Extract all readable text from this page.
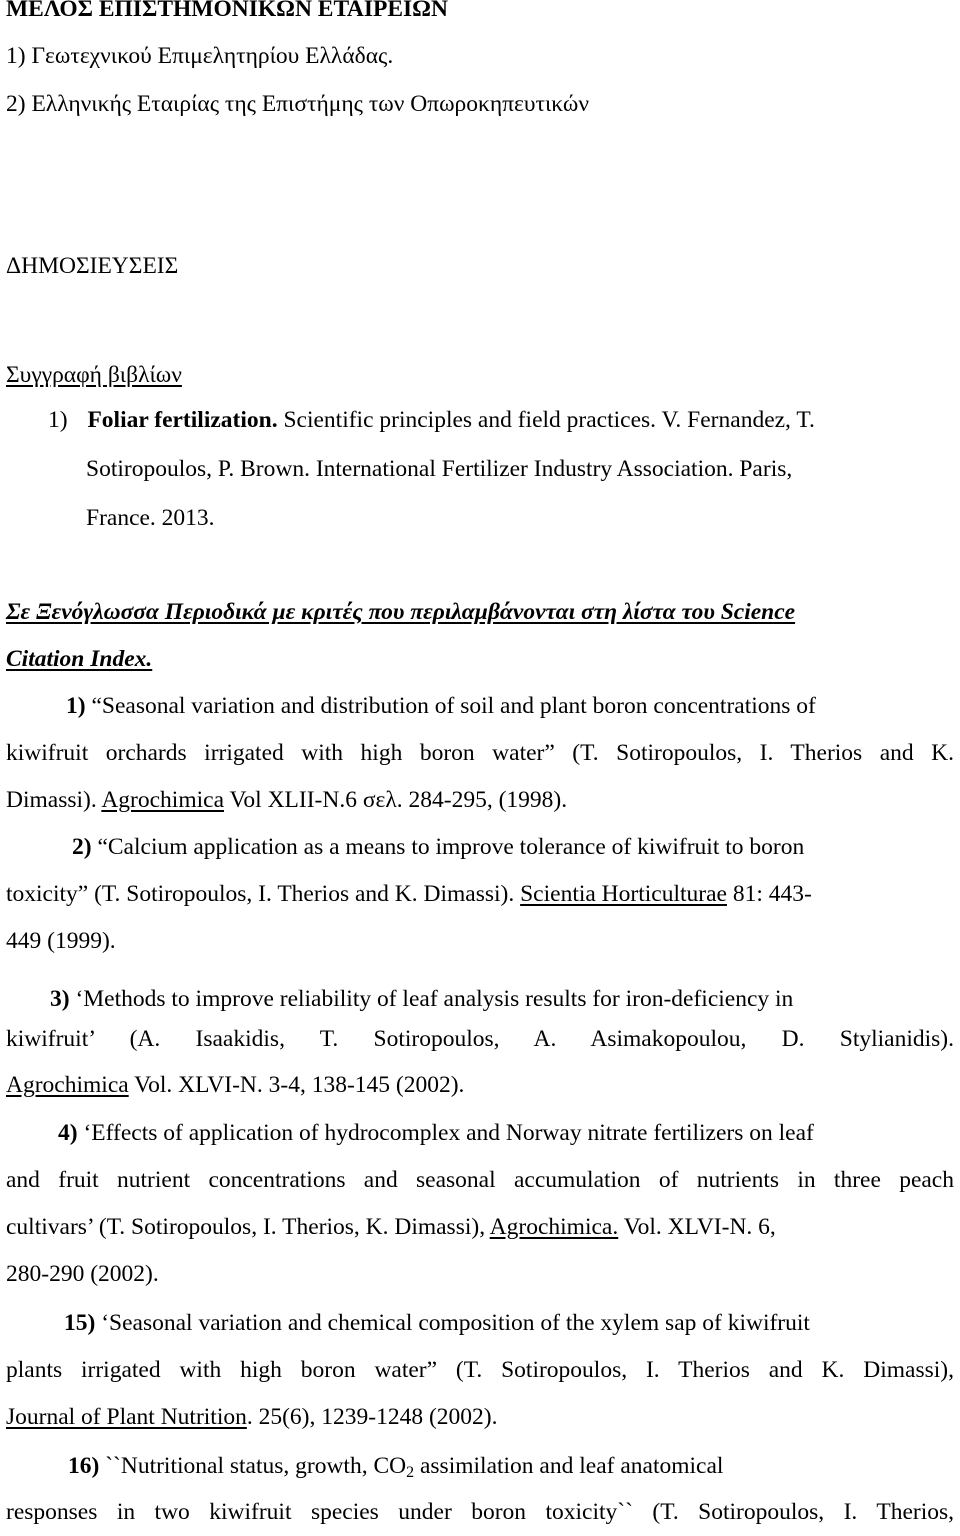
ΜΕΛΟΣ ΕΠΙΣΤΗΜΟΝΙΚΩΝ ΕΤΑΙΡΕΙΩΝ
1) Γεωτεχνικού Επιμελητηρίου Ελλάδας.
2) Ελληνικής Εταιρίας της Επιστήμης των Οπωροκηπευτικών
ΔΗΜΟΣΙΕΥΣΕΙΣ
Συγγραφή βιβλίων
1) Foliar fertilization. Scientific principles and field practices. V. Fernandez, T.
Sotiropoulos, P. Brown. International Fertilizer Industry Association. Paris,
France. 2013.
Σε Ξενόγλωσσα Περιοδικά με κριτές που περιλαμβάνονται στη λίστα του Science
Citation Index.
1) “Seasonal variation and distribution of soil and plant boron concentrations of
kiwifruit orchards irrigated with high boron water” (T. Sotiropoulos, I. Therios and K.
Dimassi). Agrochimica Vol XLII-N.6 σελ. 284-295, (1998).
2) “Calcium application as a means to improve tolerance of kiwifruit to boron
toxicity” (T. Sotiropoulos, I. Therios and K. Dimassi). Scientia Horticulturae 81: 443-
449 (1999).
3) ‘Methods to improve reliability of leaf analysis results for iron-deficiency in
kiwifruit’ (A. Isaakidis, T. Sotiropoulos, A. Asimakopoulou, D. Stylianidis).
Agrochimica Vol. XLVI-N. 3-4, 138-145 (2002).
4) ‘Effects of application of hydrocomplex and Norway nitrate fertilizers on leaf
and fruit nutrient concentrations and seasonal accumulation of nutrients in three peach
cultivars’ (T. Sotiropoulos, I. Therios, K. Dimassi), Agrochimica. Vol. XLVI-N. 6,
280-290 (2002).
15) ‘Seasonal variation and chemical composition of the xylem sap of kiwifruit
plants irrigated with high boron water” (T. Sotiropoulos, I. Therios and K. Dimassi),
Journal of Plant Nutrition. 25(6), 1239-1248 (2002).
16) ``Nutritional status, growth, $CO_2$ assimilation and leaf anatomical
responses in two kiwifruit species under boron toxicity`` (T. Sotiropoulos, I. Therios,
